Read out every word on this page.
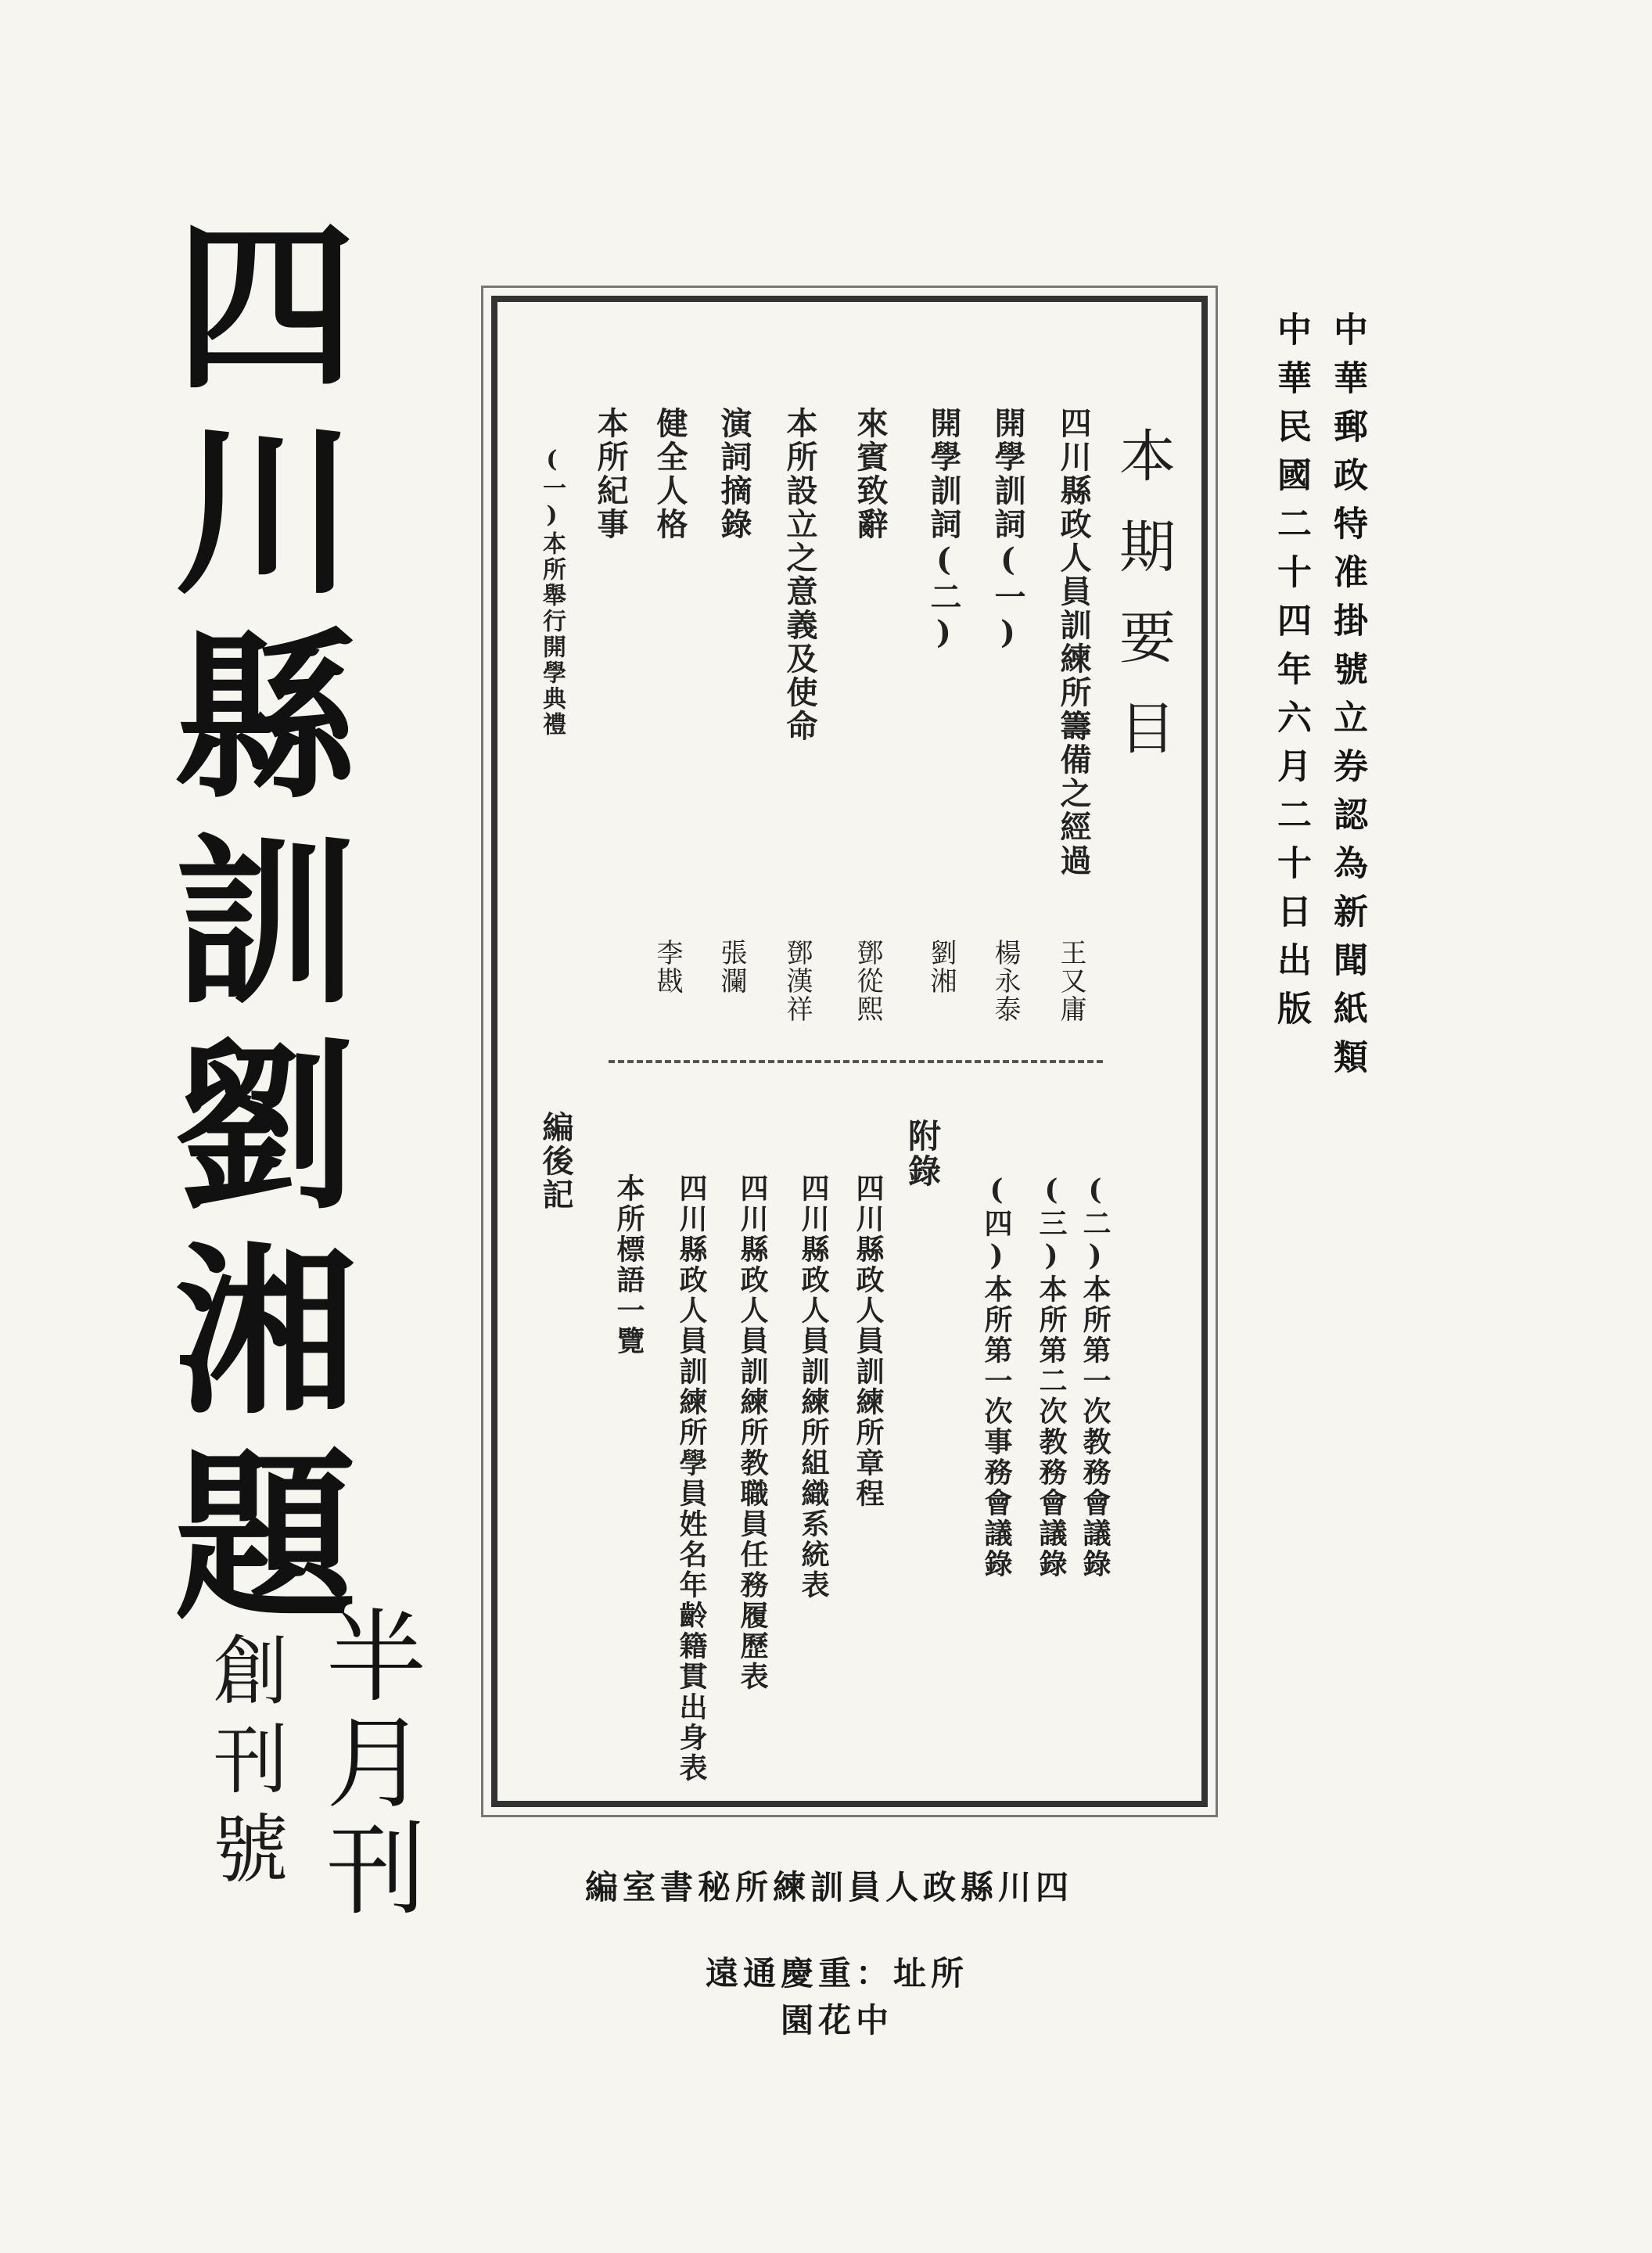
四川縣訓劉湘題
半月刊
創刊號
中華郵政特准掛號立券認為新聞紙類
中華民國二十四年六月二十日出版
本期要目
四川縣政人員訓練所籌備之經過
王又庸
開學訓詞(一)
楊永泰
開學訓詞(二)
劉湘
來賓致辭
鄧從熙
本所設立之意義及使命
鄧漢祥
演詞摘錄
張瀾
健全人格
李戡
本所紀事
(一)本所舉行開學典禮
(二)本所第一次教務會議錄
(三)本所第二次教務會議錄
(四)本所第一次事務會議錄
附錄
四川縣政人員訓練所章程
四川縣政人員訓練所組織系統表
四川縣政人員訓練所教職員任務履歷表
四川縣政人員訓練所學員姓名年齡籍貫出身表
本所標語一覽
編後記
四川縣政人員訓練所秘書室編
所址：重慶通遠中花園
